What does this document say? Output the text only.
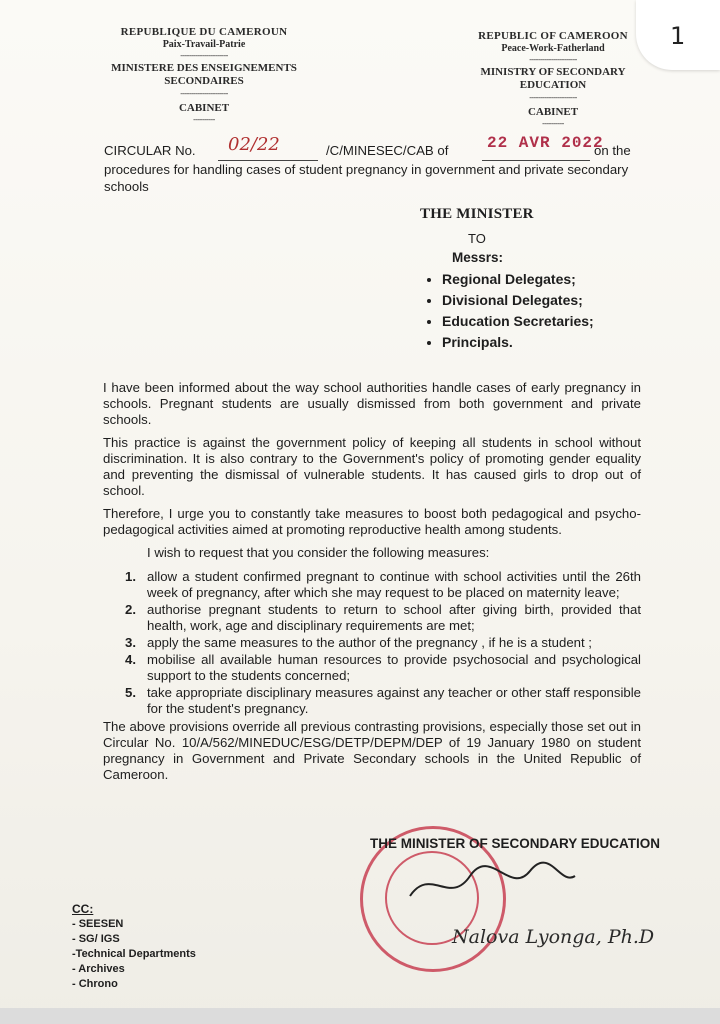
1
REPUBLIQUE DU CAMEROUN
Paix-Travail-Patrie
----------------------
MINISTERE DES ENSEIGNEMENTS SECONDAIRES
----------------------
CABINET
----------
REPUBLIC OF CAMEROON
Peace-Work-Fatherland
----------------------
MINISTRY OF SECONDARY EDUCATION
----------------------
CABINET
----------
CIRCULAR No. 02/22	/C/MINESEC/CAB of 22 AVR 2022
on the
procedures for handling cases of student pregnancy in government and private secondary schools
THE MINISTER
TO
Messrs:
• Regional Delegates;
• Divisional Delegates;
• Education Secretaries;
• Principals.

I have been informed about the way school authorities handle cases of early pregnancy in schools. Pregnant students are usually dismissed from both government and private schools.

This practice is against the government policy of keeping all students in school without discrimination. It is also contrary to the Government's policy of promoting gender equality and preventing the dismissal of vulnerable students. It has caused girls to drop out of school.

Therefore, I urge you to constantly take measures to boost both pedagogical and psycho-pedagogical activities aimed at promoting reproductive health among students.

I wish to request that you consider the following measures:
1. allow a student confirmed pregnant to continue with school activities until the 26th week of pregnancy, after which she may request to be placed on maternity leave;
2. authorise pregnant students to return to school after giving birth, provided that health, work, age and disciplinary requirements are met;
3. apply the same measures to the author of the pregnancy , if he is a student ;
4. mobilise all available human resources to provide psychosocial and psychological support to the students concerned;
5. take appropriate disciplinary measures against any teacher or other staff responsible for the student's pregnancy.

The above provisions override all previous contrasting provisions, especially those set out in Circular No. 10/A/562/MINEDUC/ESG/DETP/DEPM/DEP of 19 January 1980 on student pregnancy in Government and Private Secondary schools in the United Republic of Cameroon.

THE MINISTER OF SECONDARY EDUCATION
Nalova Lyonga, Ph.D
CC:
- SEESEN
- SG/ IGS
-Technical Departments
- Archives
- Chrono
